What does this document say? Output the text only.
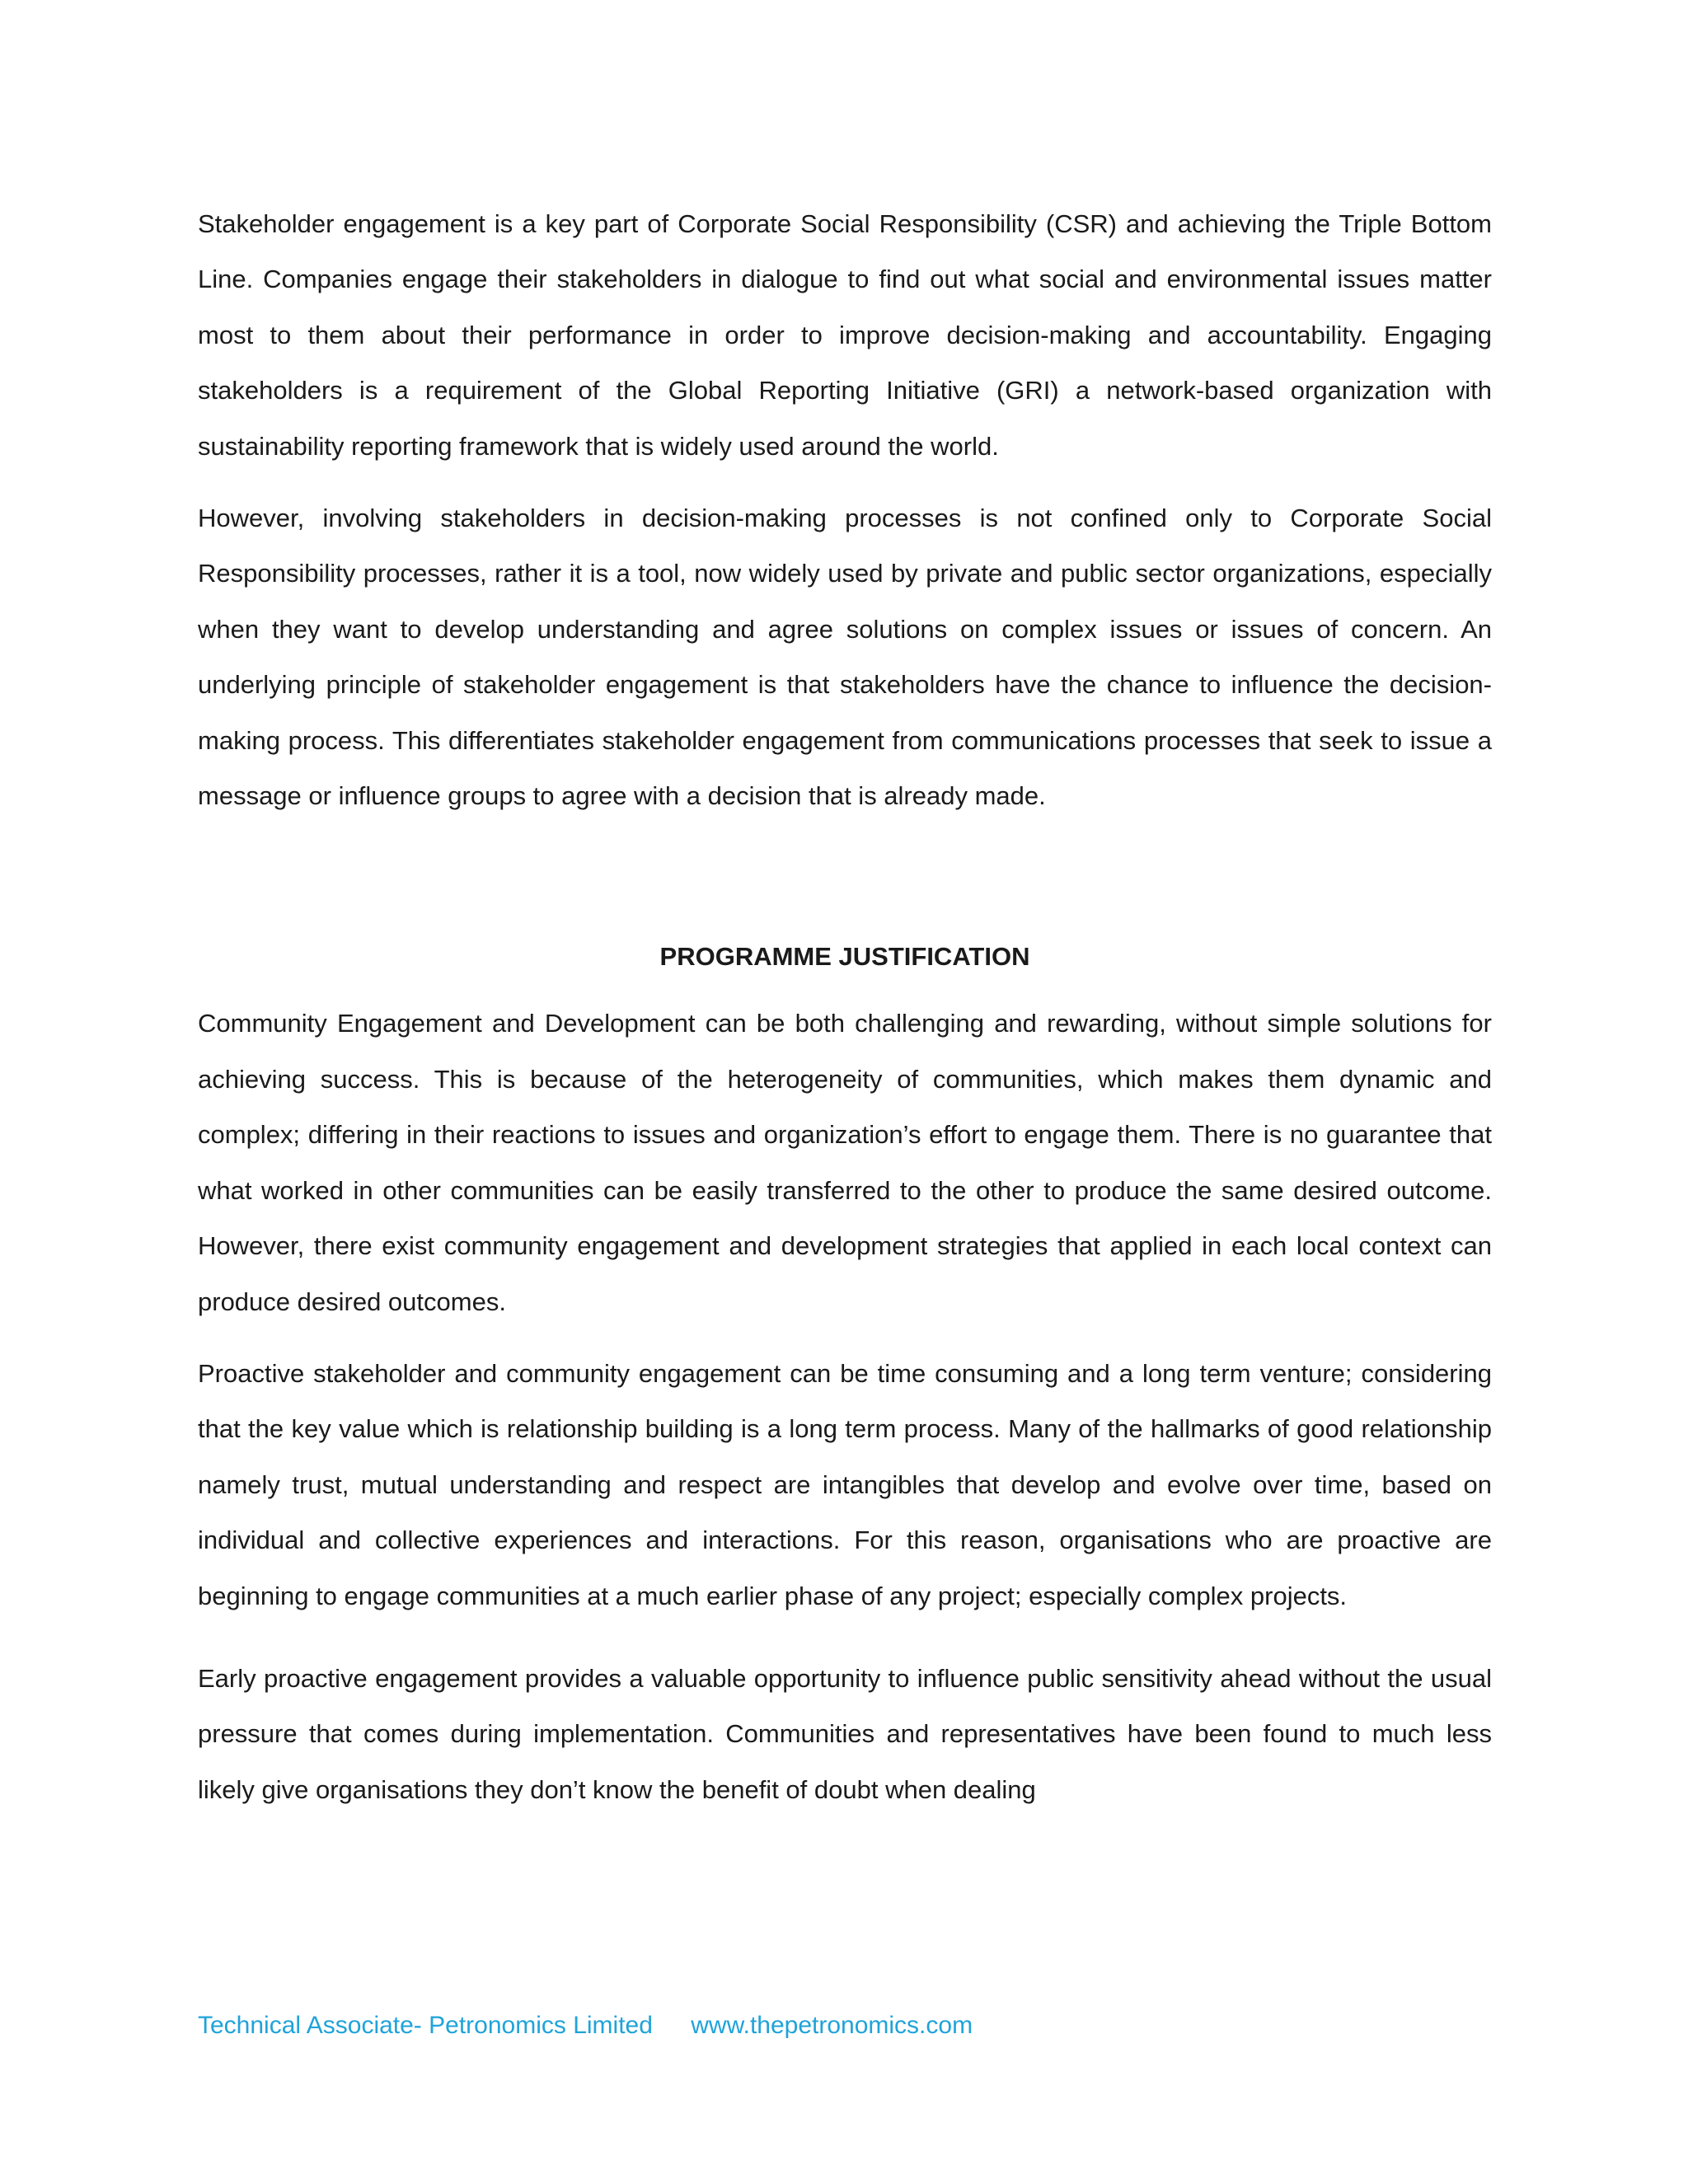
Stakeholder engagement is a key part of Corporate Social Responsibility (CSR) and achieving the Triple Bottom Line. Companies engage their stakeholders in dialogue to find out what social and environmental issues matter most to them about their performance in order to improve decision-making and accountability. Engaging stakeholders is a requirement of the Global Reporting Initiative (GRI) a network-based organization with sustainability reporting framework that is widely used around the world.

However, involving stakeholders in decision-making processes is not confined only to Corporate Social Responsibility processes, rather it is a tool, now widely used by private and public sector organizations, especially when they want to develop understanding and agree solutions on complex issues or issues of concern. An underlying principle of stakeholder engagement is that stakeholders have the chance to influence the decision-making process. This differentiates stakeholder engagement from communications processes that seek to issue a message or influence groups to agree with a decision that is already made.

PROGRAMME JUSTIFICATION

Community Engagement and Development can be both challenging and rewarding, without simple solutions for achieving success. This is because of the heterogeneity of communities, which makes them dynamic and complex; differing in their reactions to issues and organization’s effort to engage them. There is no guarantee that what worked in other communities can be easily transferred to the other to produce the same desired outcome. However, there exist community engagement and development strategies that applied in each local context can produce desired outcomes.

Proactive stakeholder and community engagement can be time consuming and a long term venture; considering that the key value which is relationship building is a long term process. Many of the hallmarks of good relationship namely trust, mutual understanding and respect are intangibles that develop and evolve over time, based on individual and collective experiences and interactions. For this reason, organisations who are proactive are beginning to engage communities at a much earlier phase of any project; especially complex projects.

Early proactive engagement provides a valuable opportunity to influence public sensitivity ahead without the usual pressure that comes during implementation. Communities and representatives have been found to much less likely give organisations they don’t know the benefit of doubt when dealing

Technical Associate- Petronomics Limited www.thepetronomics.com
